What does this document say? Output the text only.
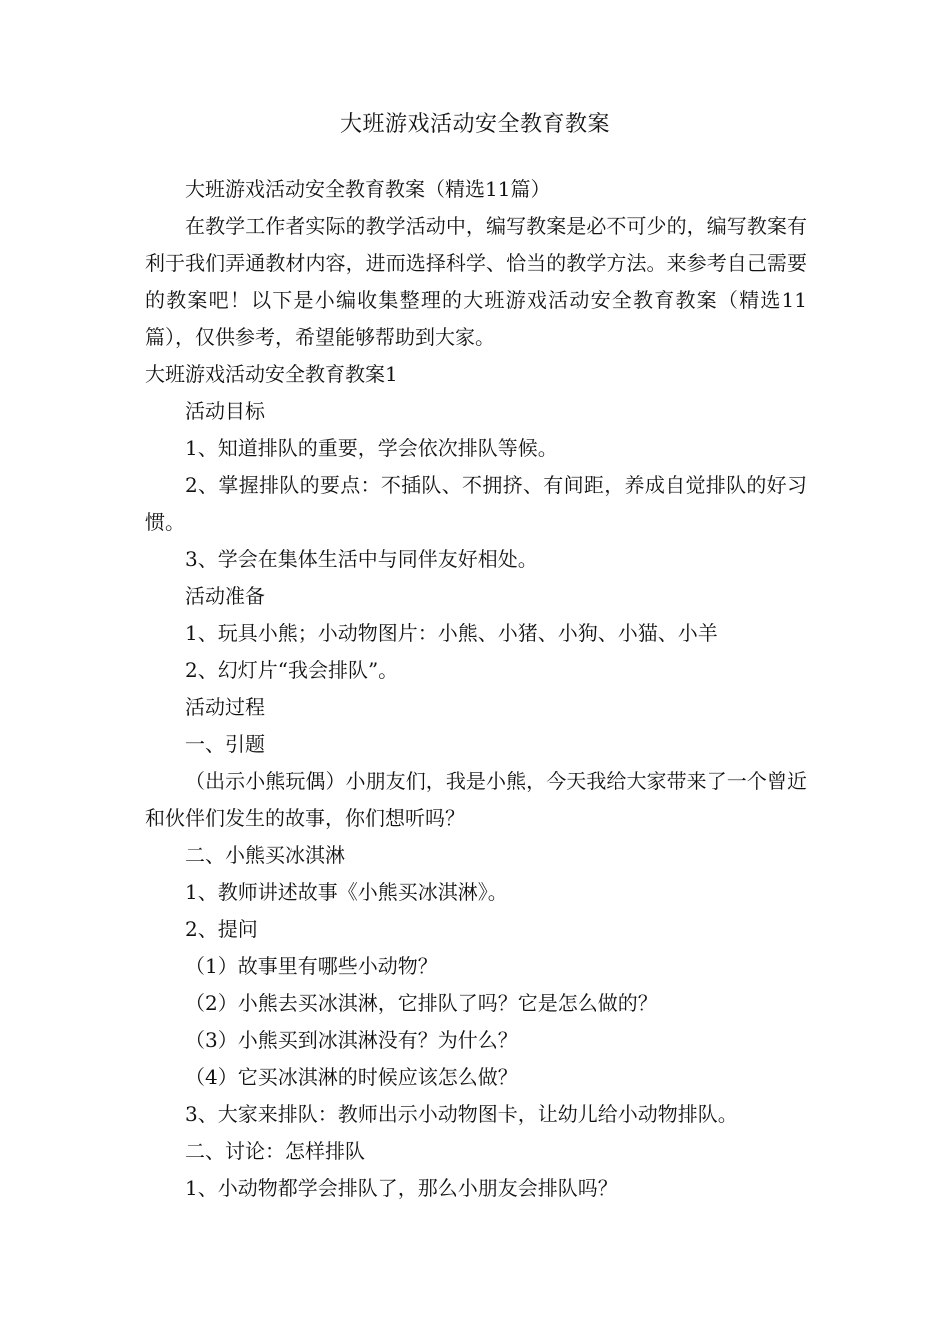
大班游戏活动安全教育教案

大班游戏活动安全教育教案（精选11篇）

在教学工作者实际的教学活动中，编写教案是必不可少的，编写教案有利于我们弄通教材内容，进而选择科学、恰当的教学方法。来参考自己需要的教案吧！以下是小编收集整理的大班游戏活动安全教育教案（精选11篇），仅供参考，希望能够帮助到大家。

大班游戏活动安全教育教案1

活动目标

1、知道排队的重要，学会依次排队等候。

2、掌握排队的要点：不插队、不拥挤、有间距，养成自觉排队的好习惯。

3、学会在集体生活中与同伴友好相处。

活动准备

1、玩具小熊；小动物图片：小熊、小猪、小狗、小猫、小羊

2、幻灯片“我会排队”。

活动过程

一、引题

（出示小熊玩偶）小朋友们，我是小熊，今天我给大家带来了一个曾近和伙伴们发生的故事，你们想听吗？

二、小熊买冰淇淋

1、教师讲述故事《小熊买冰淇淋》。

2、提问

（1）故事里有哪些小动物？

（2）小熊去买冰淇淋，它排队了吗？它是怎么做的？

（3）小熊买到冰淇淋没有？为什么？

（4）它买冰淇淋的时候应该怎么做？

3、大家来排队：教师出示小动物图卡，让幼儿给小动物排队。

二、讨论：怎样排队

1、小动物都学会排队了，那么小朋友会排队吗？
